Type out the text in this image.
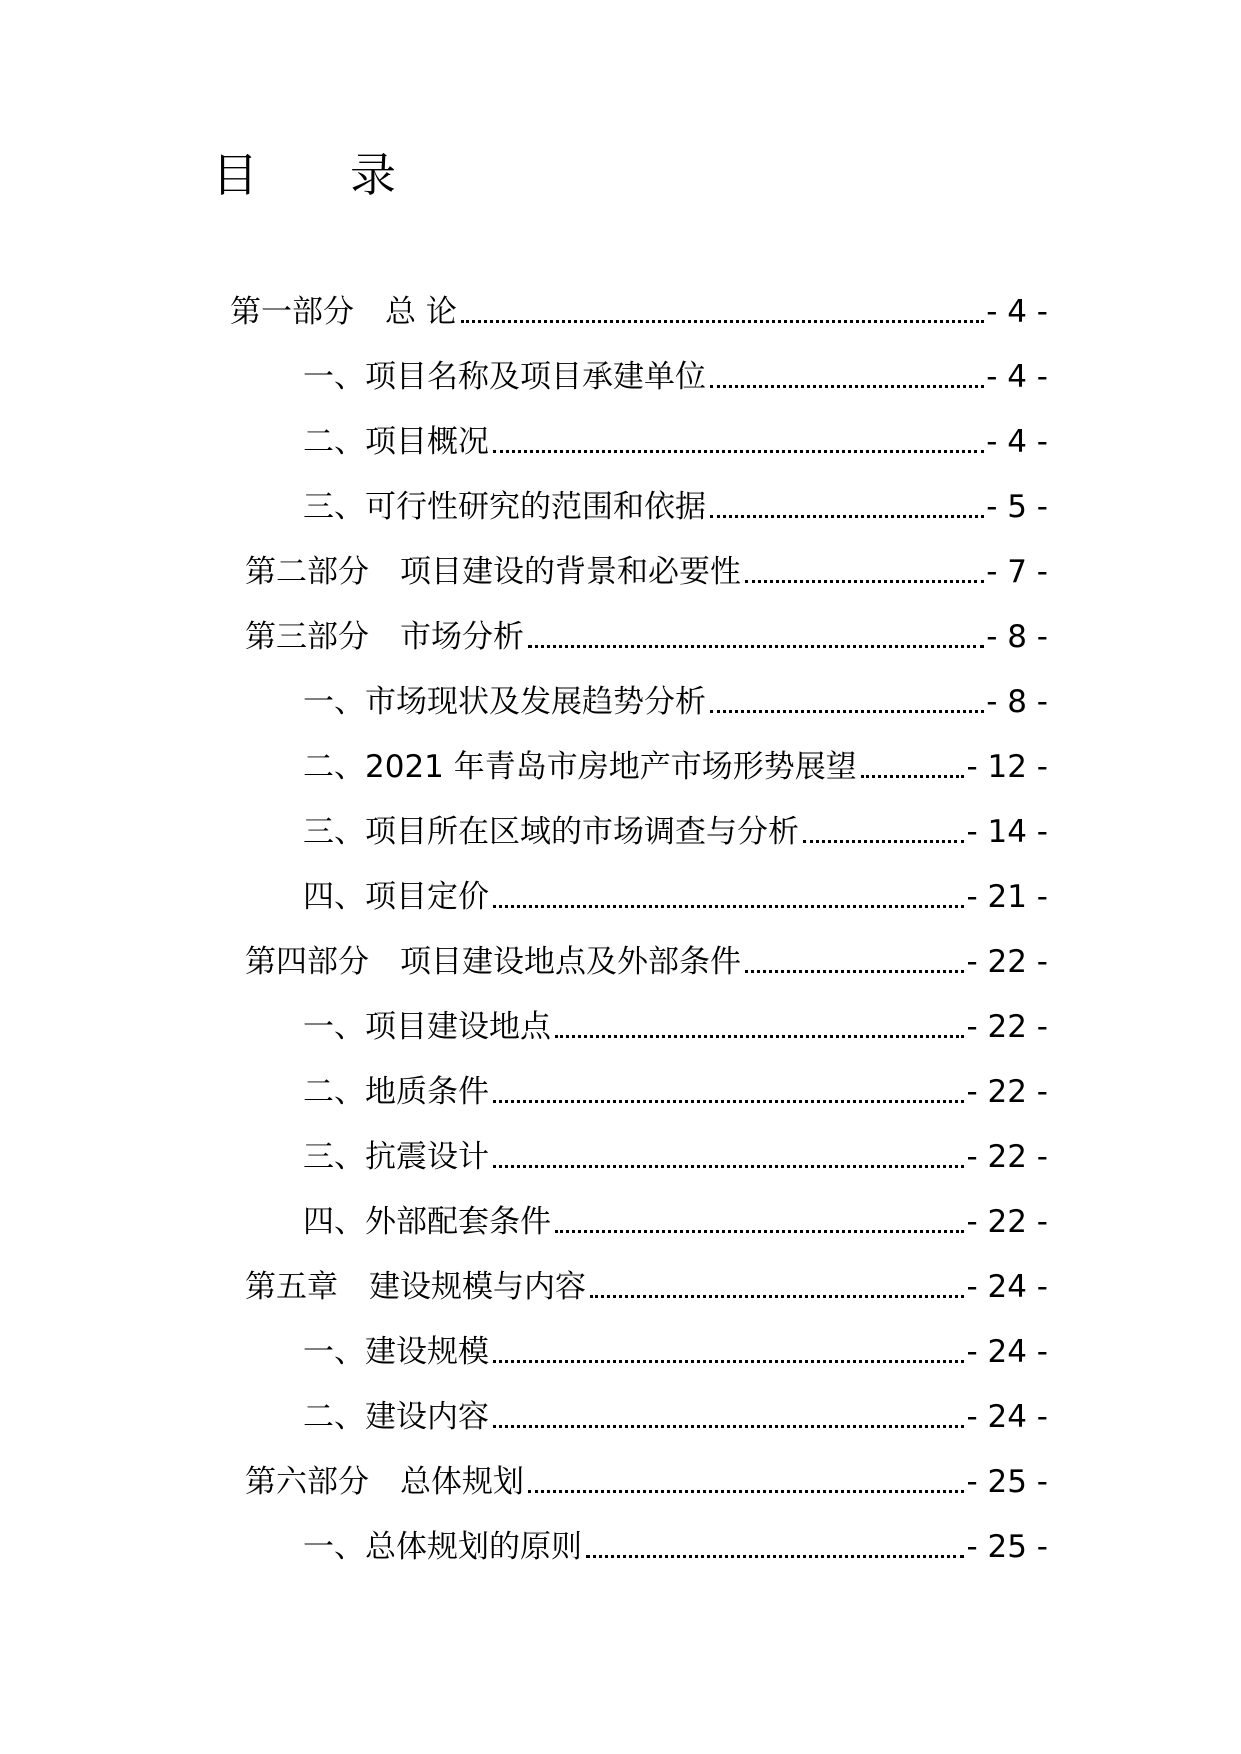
目　　录
第一部分　总 论	- 4 -
一、项目名称及项目承建单位	- 4 -
二、项目概况	- 4 -
三、可行性研究的范围和依据	- 5 -
第二部分　项目建设的背景和必要性	- 7 -
第三部分　市场分析	- 8 -
一、市场现状及发展趋势分析	- 8 -
二、2021 年青岛市房地产市场形势展望	- 12 -
三、项目所在区域的市场调查与分析	- 14 -
四、项目定价	- 21 -
第四部分　项目建设地点及外部条件	- 22 -
一、项目建设地点	- 22 -
二、地质条件	- 22 -
三、抗震设计	- 22 -
四、外部配套条件	- 22 -
第五章　建设规模与内容	- 24 -
一、建设规模	- 24 -
二、建设内容	- 24 -
第六部分　总体规划	- 25 -
一、总体规划的原则	- 25 -
